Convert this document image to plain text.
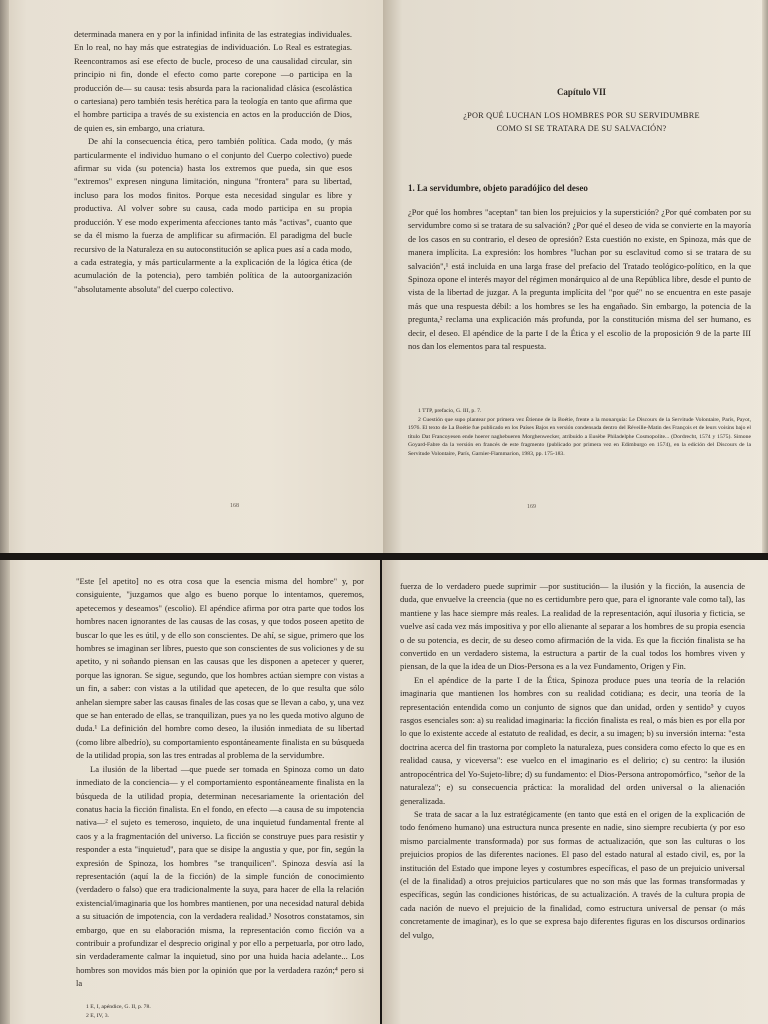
determinada manera en y por la infinidad infinita de las estrategias individuales. En lo real, no hay más que estrategias de individuación. Lo Real es estrategias. Reencontramos así ese efecto de bucle, proceso de una causalidad circular, sin principio ni fin, donde el efecto como parte corepone —o participa en la producción de— su causa: tesis absurda para la racionalidad clásica (escolástica o cartesiana) pero también tesis herética para la teología en tanto que afirma que el hombre participa a través de su existencia en actos en la producción de Dios, de quien es, sin embargo, una criatura.

De ahí la consecuencia ética, pero también política. Cada modo, (y más particularmente el individuo humano o el conjunto del Cuerpo colectivo) puede afirmar su vida (su potencia) hasta los extremos que pueda, sin que esos "extremos" expresen ninguna limitación, ninguna "frontera" para su libertad, incluso para los modos finitos. Porque esta necesidad singular es libre y productiva. Al volver sobre su causa, cada modo participa en su propia producción. Y ese modo experimenta afecciones tanto más "activas", cuanto que se da él mismo la fuerza de amplificar su afirmación. El paradigma del bucle recursivo de la Naturaleza en su autoconstitución se aplica pues así a cada modo, a cada estrategia, y más particularmente a la explicación de la lógica ética (de acumulación de la potencia), pero también política de la autoorganización "absolutamente absoluta" del cuerpo colectivo.

168
Capítulo VII
¿POR QUÉ LUCHAN LOS HOMBRES POR SU SERVIDUMBRE
COMO SI SE TRATARA DE SU SALVACIÓN?
1. La servidumbre, objeto paradójico del deseo

¿Por qué los hombres "aceptan" tan bien los prejuicios y la superstición? ¿Por qué combaten por su servidumbre como si se tratara de su salvación? ¿Por qué el deseo de vida se convierte en la mayoría de los casos en su contrario, el deseo de opresión? Esta cuestión no existe, en Spinoza, más que de manera implícita. La expresión: los hombres "luchan por su esclavitud como si se tratara de su salvación",¹ está incluida en una larga frase del prefacio del Tratado teológico-político, en la que Spinoza opone el interés mayor del régimen monárquico al de una República libre, desde el punto de vista de la libertad de juzgar. A la pregunta implícita del "por qué" no se encuentra en este pasaje más que una respuesta débil: a los hombres se les ha engañado. Sin embargo, la potencia de la pregunta,² reclama una explicación más profunda, por la constitución misma del ser humano, es decir, el deseo. El apéndice de la parte I de la Ética y el escolio de la proposición 9 de la parte III nos dan los elementos para tal respuesta.

1 TTP, prefacio, G. III, p. 7.

2 Cuestión que supo plantear por primera vez Étienne de la Boétie, frente a la monarquía: Le Discours de la Servitude Volontaire, París, Payot, 1976. El texto de La Boétie fue publicado en los Países Bajos en versión condensada dentro del Réveille-Matin des François et de leurs voisins bajo el título Dat Francoyesen ende hoerer naghebueren Morghenwecker, atribuido a Eusèbe Philadelphe Cosmopolite... (Dordrecht, 1574 y 1575). Simone Goyard-Fabre da la versión en francés de este fragmento (publicado por primera vez en Edimburgo en 1574), en la edición del Discours de la Servitude Volontaire, París, Garnier-Flammarion, 1983, pp. 175-183.

169

"Este [el apetito] no es otra cosa que la esencia misma del hombre" y, por consiguiente, "juzgamos que algo es bueno porque lo intentamos, queremos, apetecemos y deseamos" (escolio). El apéndice afirma por otra parte que todos los hombres nacen ignorantes de las causas de las cosas, y que todos poseen apetito de buscar lo que les es útil, y de ello son conscientes. De ahí, se sigue, primero que los hombres se imaginan ser libres, puesto que son conscientes de sus voliciones y de su apetito, y ni soñando piensan en las causas que les disponen a apetecer y querer, porque las ignoran. Se sigue, segundo, que los hombres actúan siempre con vistas a un fin, a saber: con vistas a la utilidad que apetecen, de lo que resulta que sólo anhelan siempre saber las causas finales de las cosas que se llevan a cabo, y, una vez que se han enterado de ellas, se tranquilizan, pues ya no les queda motivo alguno de duda.¹ La definición del hombre como deseo, la ilusión inmediata de su libertad (como libre albedrío), su comportamiento espontáneamente finalista en su búsqueda de la utilidad propia, son las tres entradas al problema de la servidumbre.

La ilusión de la libertad —que puede ser tomada en Spinoza como un dato inmediato de la conciencia— y el comportamiento espontáneamente finalista en la búsqueda de la utilidad propia, determinan necesariamente la orientación del conatus hacia la ficción finalista. En el fondo, en efecto —a causa de su impotencia nativa—² el sujeto es temeroso, inquieto, de una inquietud fundamental frente al caos y a la fragmentación del universo. La ficción se construye pues para resistir y responder a esta "inquietud", para que se disipe la angustia y que, por fin, según la expresión de Spinoza, los hombres "se tranquilicen". Spinoza desvía así la representación (aquí la de la ficción) de la simple función de conocimiento (verdadero o falso) que era tradicionalmente la suya, para hacer de ella la relación existencial/imaginaria que los hombres mantienen, por una necesidad natural debida a su situación de impotencia, con la verdadera realidad.³ Nosotros constatamos, sin embargo, que en su elaboración misma, la representación como ficción va a contribuir a profundizar el desprecio original y por ello a perpetuarla, por otro lado, sin verdaderamente calmar la inquietud, sino por una huida hacia adelante... Los hombres son movidos más bien por la opinión que por la verdadera razón;⁴ pero si la

1 E, I, apéndice, G. II, p. 78.

2 E, IV, 3.

fuerza de lo verdadero puede suprimir —por sustitución— la ilusión y la ficción, la ausencia de duda, que envuelve la creencia (que no es certidumbre pero que, para el ignorante vale como tal), las mantiene y las hace siempre más reales. La realidad de la representación, aquí ilusoria y ficticia, se vuelve así cada vez más impositiva y por ello alienante al separar a los hombres de su propia esencia o de su potencia, es decir, de su deseo como afirmación de la vida. Es que la ficción finalista se ha convertido en un verdadero sistema, la estructura a partir de la cual todos los hombres viven y piensan, de la que la idea de un Dios-Persona es a la vez Fundamento, Origen y Fin.

En el apéndice de la parte I de la Ética, Spinoza produce pues una teoría de la relación imaginaria que mantienen los hombres con su realidad cotidiana; es decir, una teoría de la representación entendida como un conjunto de signos que dan unidad, orden y sentido⁵ y cuyos rasgos esenciales son: a) su realidad imaginaria: la ficción finalista es real, o más bien es por ella por lo que lo existente accede al estatuto de realidad, es decir, a su imagen; b) su inversión interna: "esta doctrina acerca del fin trastorna por completo la naturaleza, pues considera como efecto lo que es en realidad causa, y viceversa": ese vuelco en el imaginario es el delirio; c) su centro: la ilusión antropocéntrica del Yo-Sujeto-libre; d) su fundamento: el Dios-Persona antropomórfico, "señor de la naturaleza"; e) su consecuencia práctica: la moralidad del orden universal o la alienación generalizada.

Se trata de sacar a la luz estratégicamente (en tanto que está en el origen de la explicación de todo fenómeno humano) una estructura nunca presente en nadie, sino siempre recubierta (y por eso mismo parcialmente transformada) por sus formas de actualización, que son las culturas o los prejuicios propios de las diferentes naciones. El paso del estado natural al estado civil, es, por la institución del Estado que impone leyes y costumbres específicas, el paso de un prejuicio universal (el de la finalidad) a otros prejuicios particulares que no son más que las formas transformadas y específicas, según las condiciones históricas, de su actualización. A través de la cultura propia de cada nación de nuevo el prejuicio de la finalidad, como estructura universal de pensar (o más concretamente de imaginar), es lo que se expresa bajo diferentes figuras en los discursos ordinarios del vulgo,
